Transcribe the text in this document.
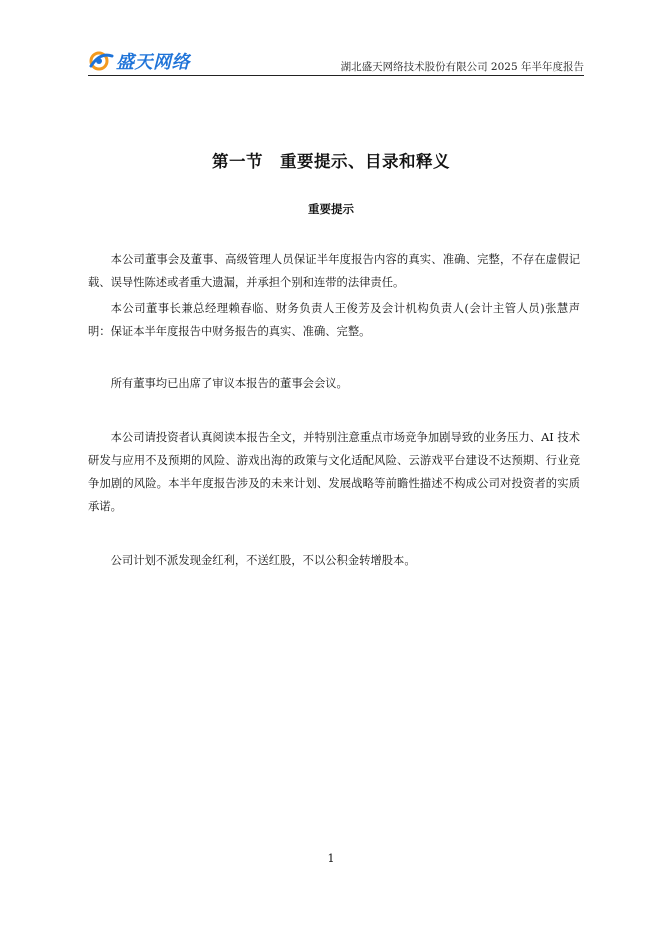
盛天网络	湖北盛天网络技术股份有限公司 2025 年半年度报告
第一节　重要提示、目录和释义
重要提示

本公司董事会及董事、高级管理人员保证半年度报告内容的真实、准确、完整，不存在虚假记载、误导性陈述或者重大遗漏，并承担个别和连带的法律责任。

本公司董事长兼总经理赖春临、财务负责人王俊芳及会计机构负责人(会计主管人员)张慧声明：保证本半年度报告中财务报告的真实、准确、完整。

所有董事均已出席了审议本报告的董事会会议。

本公司请投资者认真阅读本报告全文，并特别注意重点市场竞争加剧导致的业务压力、AI 技术研发与应用不及预期的风险、游戏出海的政策与文化适配风险、云游戏平台建设不达预期、行业竞争加剧的风险。本半年度报告涉及的未来计划、发展战略等前瞻性描述不构成公司对投资者的实质承诺。

公司计划不派发现金红利，不送红股，不以公积金转增股本。

1
